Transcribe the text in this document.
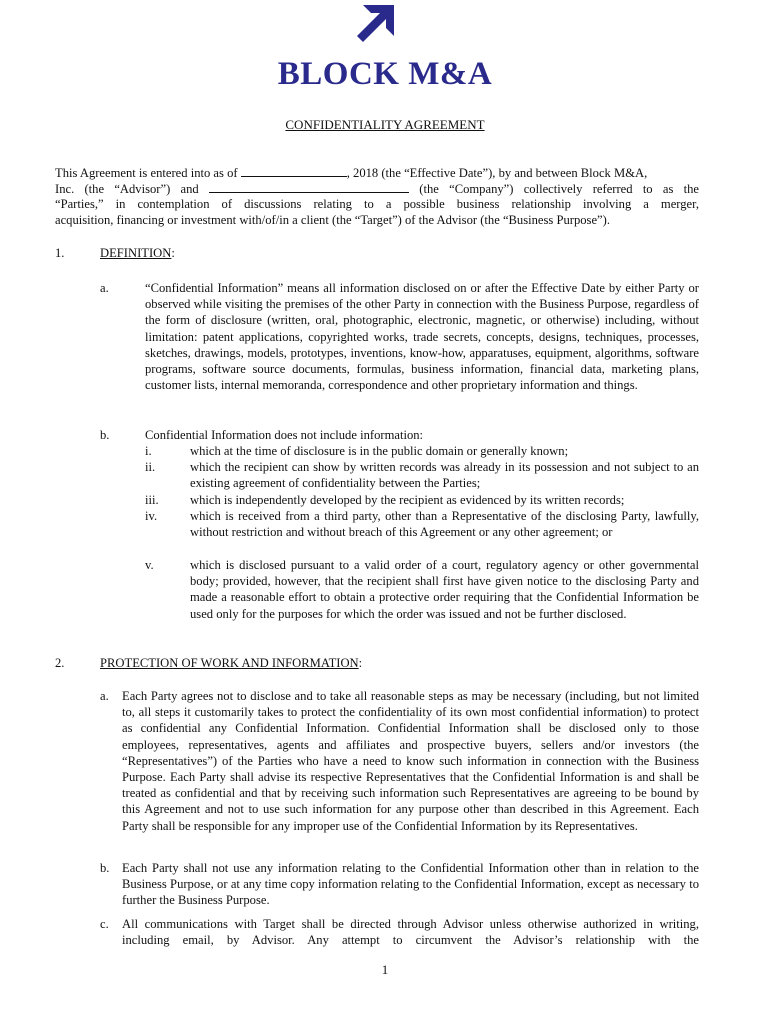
BLOCK M&A
CONFIDENTIALITY AGREEMENT
This Agreement is entered into as of	, 2018 (the “Effective Date”), by and between Block M&A,
Inc. (the “Advisor”) and	(the “Company”) collectively referred to as the
“Parties,” in contemplation of discussions relating to a possible business relationship involving a merger,
acquisition, financing or investment with/of/in a client (the “Target”) of the Advisor (the “Business Purpose”).
1.	DEFINITION:
a.	“Confidential Information” means all information disclosed on or after the Effective Date by either Party or observed while visiting the premises of the other Party in connection with the Business Purpose, regardless of the form of disclosure (written, oral, photographic, electronic, magnetic, or otherwise) including, without limitation: patent applications, copyrighted works, trade secrets, concepts, designs, techniques, processes, sketches, drawings, models, prototypes, inventions, know-how, apparatuses, equipment, algorithms, software programs, software source documents, formulas, business information, financial data, marketing plans, customer lists, internal memoranda, correspondence and other proprietary information and things.
b.	Confidential Information does not include information:
i.	which at the time of disclosure is in the public domain or generally known;
ii.	which the recipient can show by written records was already in its possession and not subject to an existing agreement of confidentiality between the Parties;
iii. which is independently developed by the recipient as evidenced by its written records;
iv.	which is received from a third party, other than a Representative of the disclosing Party, lawfully, without restriction and without breach of this Agreement or any other agreement; or
v.	which is disclosed pursuant to a valid order of a court, regulatory agency or other governmental body; provided, however, that the recipient shall first have given notice to the disclosing Party and made a reasonable effort to obtain a protective order requiring that the Confidential Information be used only for the purposes for which the order was issued and not be further disclosed.
2.	PROTECTION OF WORK AND INFORMATION:
a. Each Party agrees not to disclose and to take all reasonable steps as may be necessary (including, but not limited to, all steps it customarily takes to protect the confidentiality of its own most confidential information) to protect as confidential any Confidential Information. Confidential Information shall be disclosed only to those employees, representatives, agents and affiliates and prospective buyers, sellers and/or investors (the “Representatives”) of the Parties who have a need to know such information in connection with the Business Purpose. Each Party shall advise its respective Representatives that the Confidential Information is and shall be treated as confidential and that by receiving such information such Representatives are agreeing to be bound by this Agreement and not to use such information for any purpose other than described in this Agreement. Each Party shall be responsible for any improper use of the Confidential Information by its Representatives.
b. Each Party shall not use any information relating to the Confidential Information other than in relation to the Business Purpose, or at any time copy information relating to the Confidential Information, except as necessary to further the Business Purpose.
c. All communications with Target shall be directed through Advisor unless otherwise authorized in writing, including email, by Advisor. Any attempt to circumvent the Advisor’s relationship with the
1
